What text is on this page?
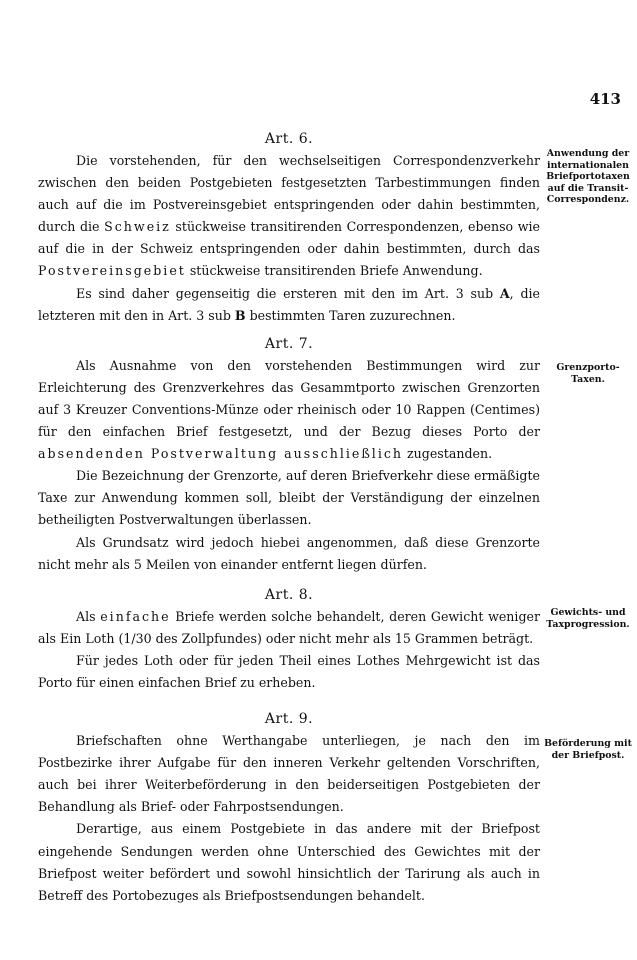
413
Art. 6.

Die vorstehenden, für den wechselseitigen Correspondenzverkehr zwischen den beiden Postgebieten festgesetzten Tarbestimmungen finden auch auf die im Postvereinsgebiet entspringenden oder dahin bestimmten, durch die Schweiz stückweise transitirenden Correspondenzen, ebenso wie auf die in der Schweiz entspringenden oder dahin bestimmten, durch das Postvereinsgebiet stückweise transitirenden Briefe Anwendung.

Es sind daher gegenseitig die ersteren mit den im Art. 3 sub A, die letzteren mit den in Art. 3 sub B bestimmten Taren zuzurechnen.

Art. 7.

Als Ausnahme von den vorstehenden Bestimmungen wird zur Erleichterung des Grenzverkehres das Gesammtporto zwischen Grenzorten auf 3 Kreuzer Conventions-Münze oder rheinisch oder 10 Rappen (Centimes) für den einfachen Brief festgesetzt, und der Bezug dieses Porto der absendenden Postverwaltung ausschließlich zugestanden.

Die Bezeichnung der Grenzorte, auf deren Briefverkehr diese ermäßigte Taxe zur Anwendung kommen soll, bleibt der Verständigung der einzelnen betheiligten Postverwaltungen überlassen.

Als Grundsatz wird jedoch hiebei angenommen, daß diese Grenzorte nicht mehr als 5 Meilen von einander entfernt liegen dürfen.

Art. 8.

Als einfache Briefe werden solche behandelt, deren Gewicht weniger als Ein Loth (1/30 des Zollpfundes) oder nicht mehr als 15 Grammen beträgt.

Für jedes Loth oder für jeden Theil eines Lothes Mehrgewicht ist das Porto für einen einfachen Brief zu erheben.

Art. 9.

Briefschaften ohne Werthangabe unterliegen, je nach den im Postbezirke ihrer Aufgabe für den inneren Verkehr geltenden Vorschriften, auch bei ihrer Weiterbeförderung in den beiderseitigen Postgebieten der Behandlung als Brief- oder Fahrpostsendungen.

Derartige, aus einem Postgebiete in das andere mit der Briefpost eingehende Sendungen werden ohne Unterschied des Gewichtes mit der Briefpost weiter befördert und sowohl hinsichtlich der Tarirung als auch in Betreff des Portobezuges als Briefpostsendungen behandelt.

Anwendung der
internationalen
Briefportotaxen
auf die Transit-
Correspondenz.
Grenzporto-
Taxen.
Gewichts- und
Taxprogression.
Beförderung mit
der Briefpost.
